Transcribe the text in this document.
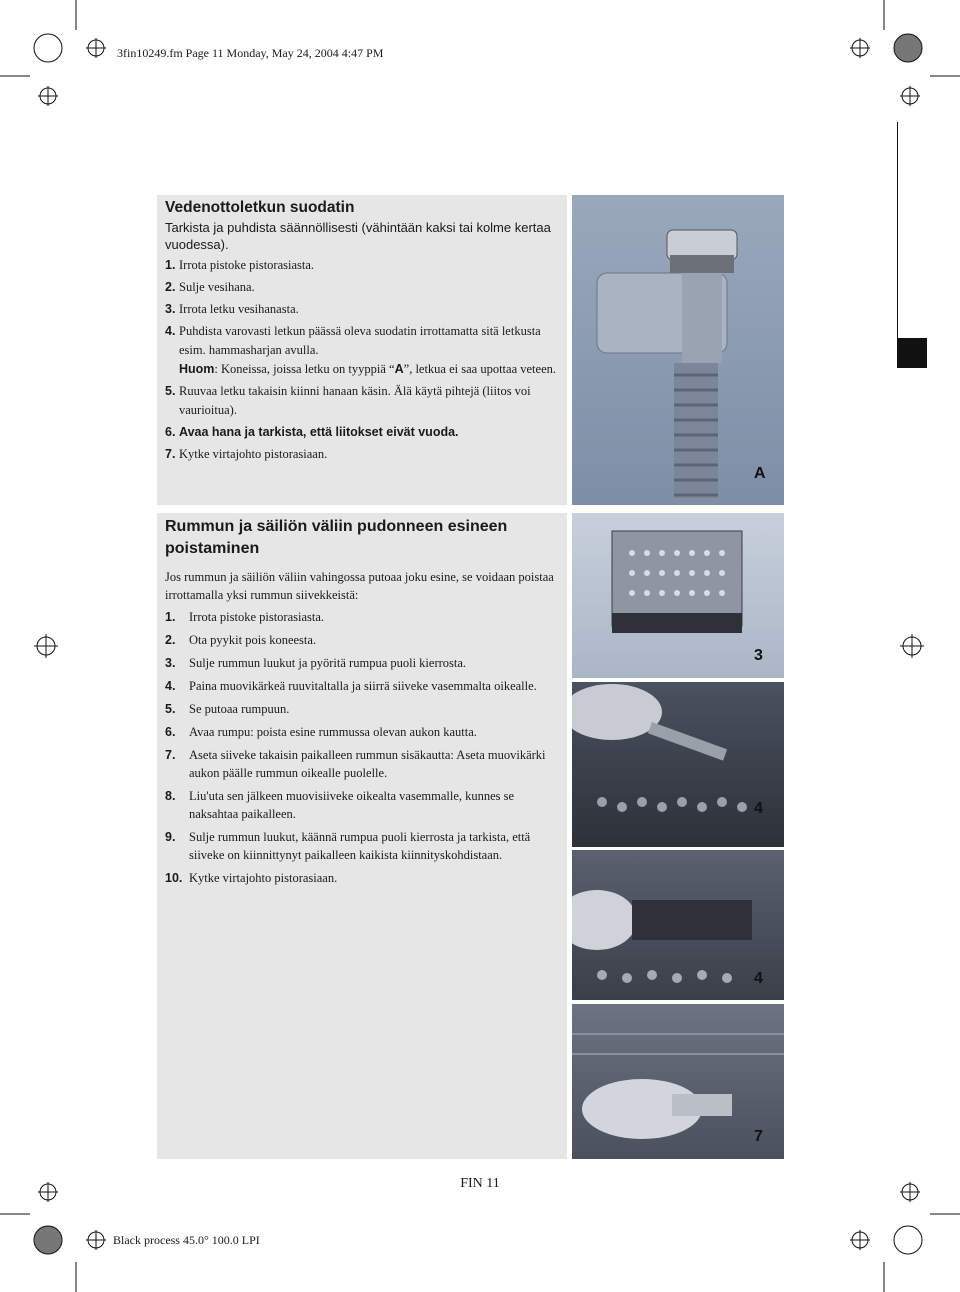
3fin10249.fm Page 11 Monday, May 24, 2004 4:47 PM
Vedenottoletkun suodatin
Tarkista ja puhdista säännöllisesti (vähintään kaksi tai kolme kertaa vuodessa).
1. Irrota pistoke pistorasiasta.
2. Sulje vesihana.
3. Irrota letku vesihanasta.
4. Puhdista varovasti letkun päässä oleva suodatin irrottamatta sitä letkusta esim. hammasharjan avulla.
Huom: Koneissa, joissa letku on tyyppiä “A”, letkua ei saa upottaa veteen.
5. Ruuvaa letku takaisin kiinni hanaan käsin. Älä käytä pihtejä (liitos voi vaurioitua).
6. Avaa hana ja tarkista, että liitokset eivät vuoda.
7. Kytke virtajohto pistorasiaan.
A
Rummun ja säiliön väliin pudonneen esineen poistaminen
Jos rummun ja säiliön väliin vahingossa putoaa joku esine, se voidaan poistaa irrottamalla yksi rummun siivekkeistä:
1. Irrota pistoke pistorasiasta.
2. Ota pyykit pois koneesta.
3. Sulje rummun luukut ja pyöritä rumpua puoli kierrosta.
4. Paina muovikärkeä ruuvitaltalla ja siirrä siiveke vasemmalta oikealle.
5. Se putoaa rumpuun.
6. Avaa rumpu: poista esine rummussa olevan aukon kautta.
7. Aseta siiveke takaisin paikalleen rummun sisäkautta: Aseta muovikärki aukon päälle rummun oikealle puolelle.
8. Liu'uta sen jälkeen muovisiiveke oikealta vasemmalle, kunnes se naksahtaa paikalleen.
9. Sulje rummun luukut, käännä rumpua puoli kierrosta ja tarkista, että siiveke on kiinnittynyt paikalleen kaikista kiinnityskohdistaan.
10. Kytke virtajohto pistorasiaan.
3
4
4
7
FIN 11
Black process 45.0° 100.0 LPI
